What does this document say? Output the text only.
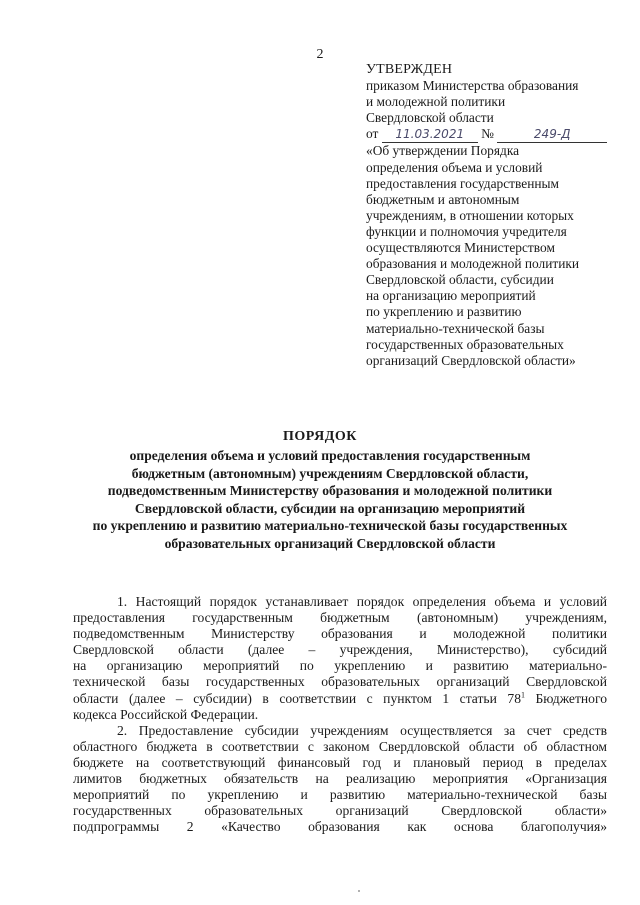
2
УТВЕРЖДЕН
приказом Министерства образования
и молодежной политики
Свердловской области
от 11.03.2021 №	249-Д
«Об утверждении Порядка
определения объема и условий
предоставления государственным
бюджетным и автономным
учреждениям, в отношении которых
функции и полномочия учредителя
осуществляются Министерством
образования и молодежной политики
Свердловской области, субсидии
на организацию мероприятий
по укреплению и развитию
материально-технической базы
государственных образовательных
организаций Свердловской области»
ПОРЯДОК
определения объема и условий предоставления государственным
бюджетным (автономным) учреждениям Свердловской области,
подведомственным Министерству образования и молодежной политики
Свердловской области, субсидии на организацию мероприятий
по укреплению и развитию материально-технической базы государственных
образовательных организаций Свердловской области
1. Настоящий порядок устанавливает порядок определения объема и условий
предоставления государственным бюджетным (автономным) учреждениям,
подведомственным Министерству образования и молодежной политики
Свердловской области (далее – учреждения, Министерство), субсидий
на организацию мероприятий по укреплению и развитию материально-
технической базы государственных образовательных организаций Свердловской
области (далее – субсидии) в соответствии с пунктом 1 статьи $78^1$ Бюджетного
кодекса Российской Федерации.
2. Предоставление субсидии учреждениям осуществляется за счет средств
областного бюджета в соответствии с законом Свердловской области об областном
бюджете на соответствующий финансовый год и плановый период в пределах
лимитов бюджетных обязательств на реализацию мероприятия «Организация
мероприятий по укреплению и развитию материально-технической базы
государственных образовательных организаций Свердловской области»
подпрограммы 2 «Качество образования как основа благополучия»
